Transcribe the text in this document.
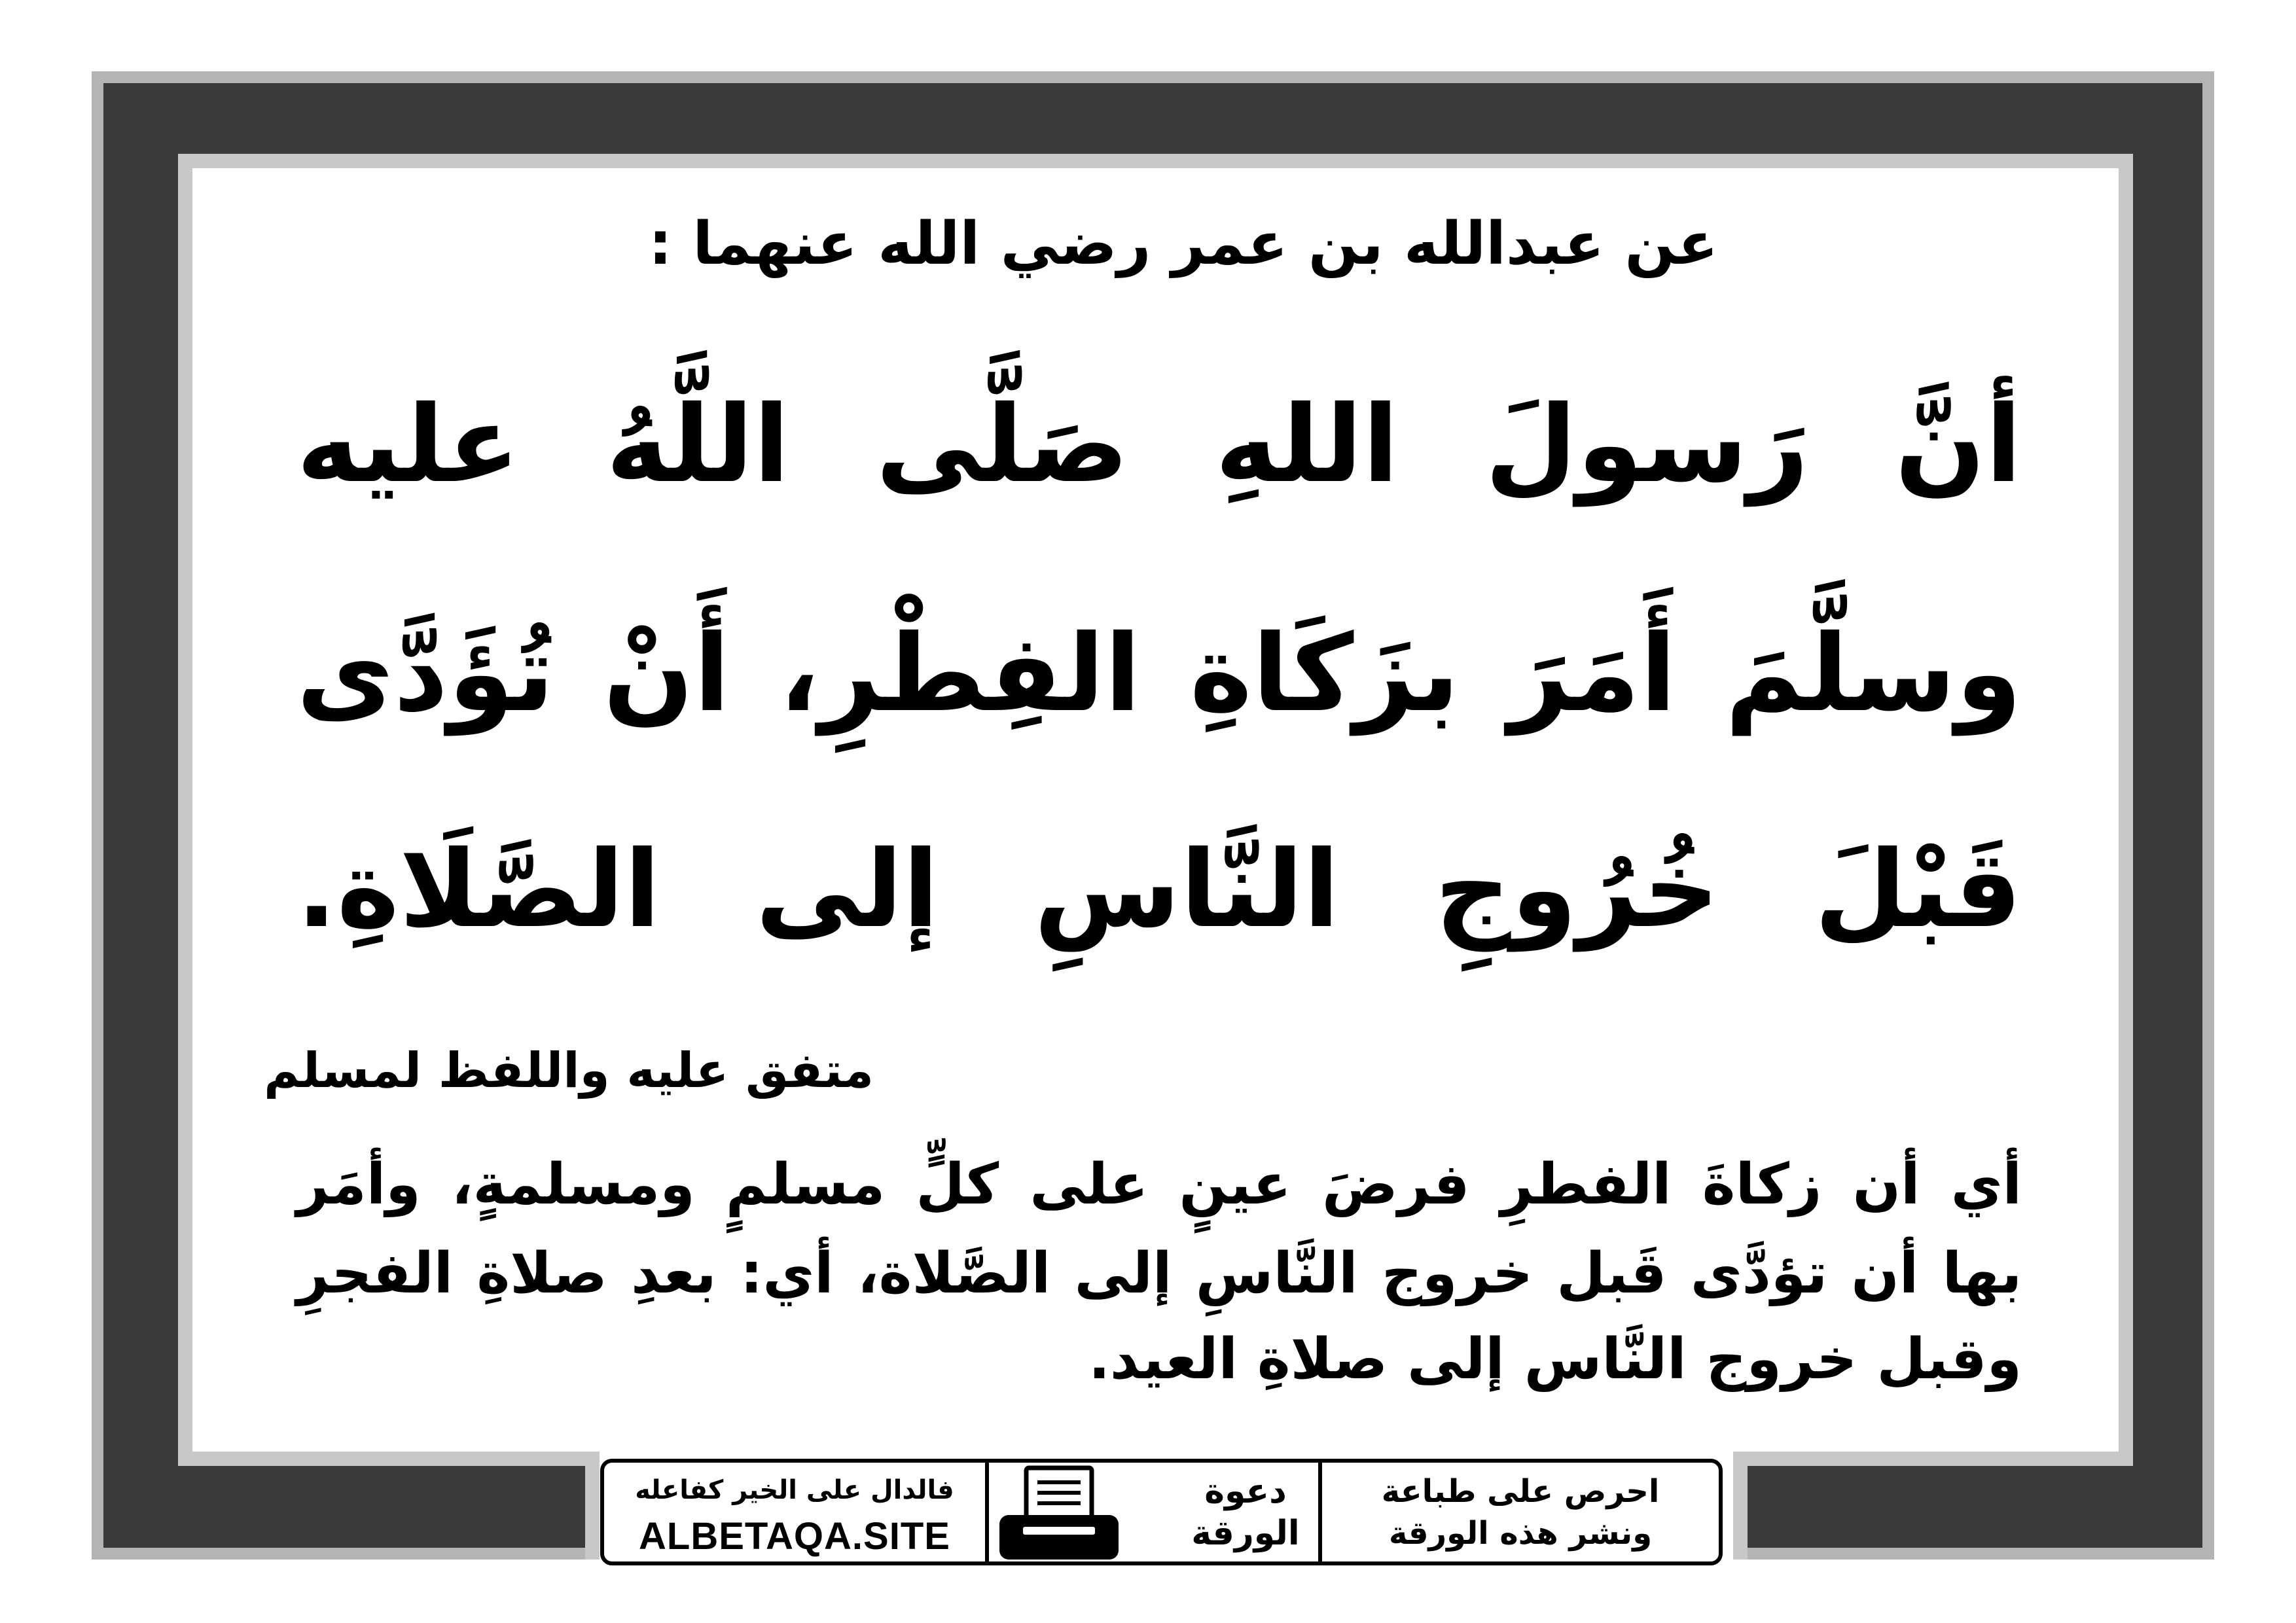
عن عبدالله بن عمر رضي الله عنهما :
أنَّ رَسولَ اللهِ صَلَّى اللَّهُ عليه
وسلَّمَ أَمَرَ بزَكَاةِ الفِطْرِ، أَنْ تُؤَدَّى
قَبْلَ خُرُوجِ النَّاسِ إلى الصَّلَاةِ.
متفق عليه واللفظ لمسلم
أي أن زكاةَ الفطرِ فرضَ عينٍ على كلٍّ مسلمٍ ومسلمةٍ، وأمَر
بها أن تؤدَّى قَبل خروج النَّاسِ إلى الصَّلاة، أي: بعدِ صلاةِ الفجرِ
وقبل خروج النَّاس إلى صلاةِ العيد.
فالدال على الخير كفاعله
ALBETAQA.SITE
دعوة
الورقة
احرص على طباعة
ونشر هذه الورقة
